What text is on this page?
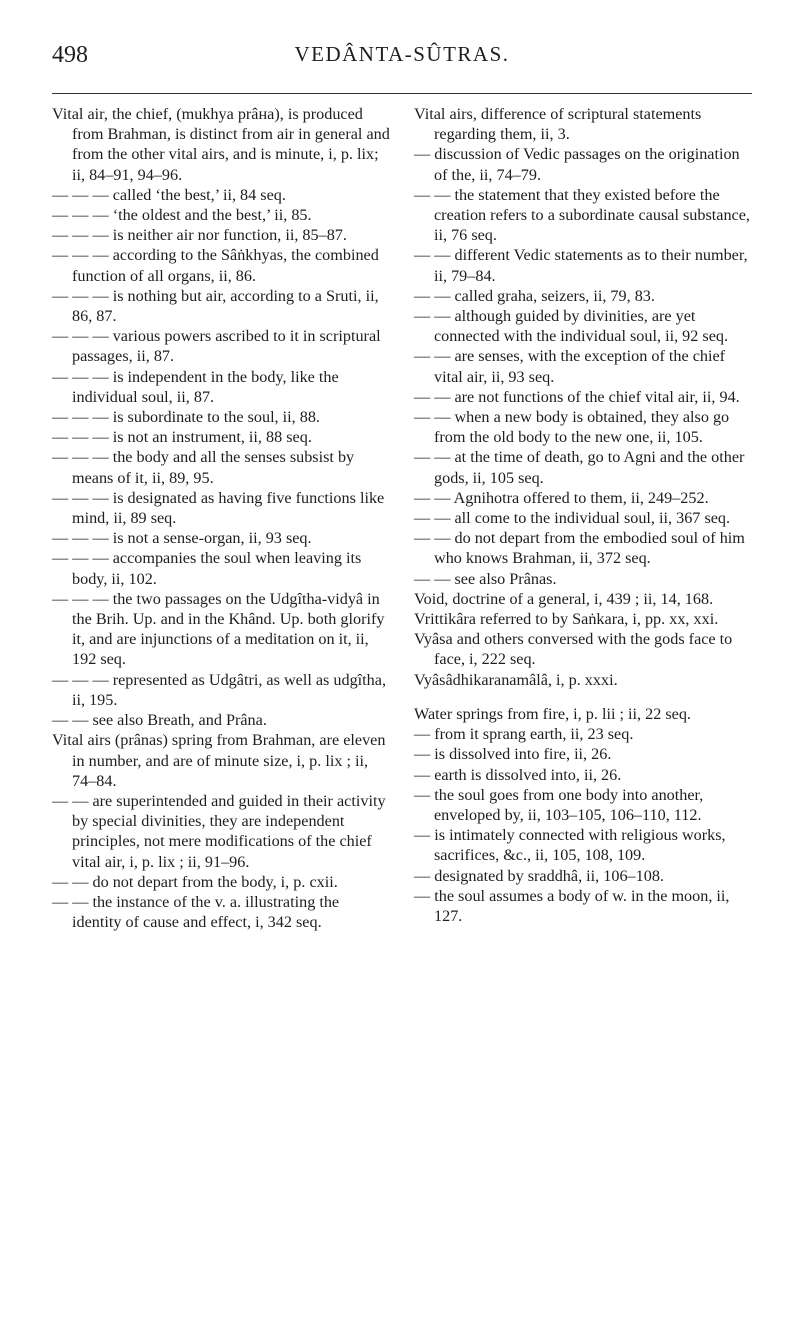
498	VEDÂNTA-SÛTRAS.

Vital air, the chief, (mukhya prâнa), is produced from Brahman, is distinct from air in general and from the other vital airs, and is minute, i, p. lix; ii, 84–91, 94–96.

— — — called ‘the best,’ ii, 84 seq.

— — — ‘the oldest and the best,’ ii, 85.

— — — is neither air nor function, ii, 85–87.

— — — according to the Sâṅkhyas, the combined function of all organs, ii, 86.

— — — is nothing but air, according to a Sruti, ii, 86, 87.

— — — various powers ascribed to it in scriptural passages, ii, 87.

— — — is independent in the body, like the individual soul, ii, 87.

— — — is subordinate to the soul, ii, 88.

— — — is not an instrument, ii, 88 seq.

— — — the body and all the senses subsist by means of it, ii, 89, 95.

— — — is designated as having five functions like mind, ii, 89 seq.

— — — is not a sense-organ, ii, 93 seq.

— — — accompanies the soul when leaving its body, ii, 102.

— — — the two passages on the Udgîtha-vidyâ in the Brih. Up. and in the Khând. Up. both glorify it, and are injunctions of a meditation on it, ii, 192 seq.

— — — represented as Udgâtri, as well as udgîtha, ii, 195.

— — see also Breath, and Prâna.

Vital airs (prânas) spring from Brahman, are eleven in number, and are of minute size, i, p. lix ; ii, 74–84.

— — are superintended and guided in their activity by special divinities, they are independent principles, not mere modifications of the chief vital air, i, p. lix ; ii, 91–96.

— — do not depart from the body, i, p. cxii.

— — the instance of the v. a. illustrating the identity of cause and effect, i, 342 seq.

Vital airs, difference of scriptural statements regarding them, ii, 3.

— discussion of Vedic passages on the origination of the, ii, 74–79.

— — the statement that they existed before the creation refers to a subordinate causal substance, ii, 76 seq.

— — different Vedic statements as to their number, ii, 79–84.

— — called graha, seizers, ii, 79, 83.

— — although guided by divinities, are yet connected with the individual soul, ii, 92 seq.

— — are senses, with the exception of the chief vital air, ii, 93 seq.

— — are not functions of the chief vital air, ii, 94.

— — when a new body is obtained, they also go from the old body to the new one, ii, 105.

— — at the time of death, go to Agni and the other gods, ii, 105 seq.

— — Agnihotra offered to them, ii, 249–252.

— — all come to the individual soul, ii, 367 seq.

— — do not depart from the embodied soul of him who knows Brahman, ii, 372 seq.

— — see also Prânas.

Void, doctrine of a general, i, 439 ; ii, 14, 168.

Vrittikâra referred to by Saṅkara, i, pp. xx, xxi.

Vyâsa and others conversed with the gods face to face, i, 222 seq.

Vyâsâdhikaranamâlâ, i, p. xxxi.

Water springs from fire, i, p. lii ; ii, 22 seq.

— from it sprang earth, ii, 23 seq.

— is dissolved into fire, ii, 26.

— earth is dissolved into, ii, 26.

— the soul goes from one body into another, enveloped by, ii, 103–105, 106–110, 112.

— is intimately connected with religious works, sacrifices, &c., ii, 105, 108, 109.

— designated by sraddhâ, ii, 106–108.

— the soul assumes a body of w. in the moon, ii, 127.
